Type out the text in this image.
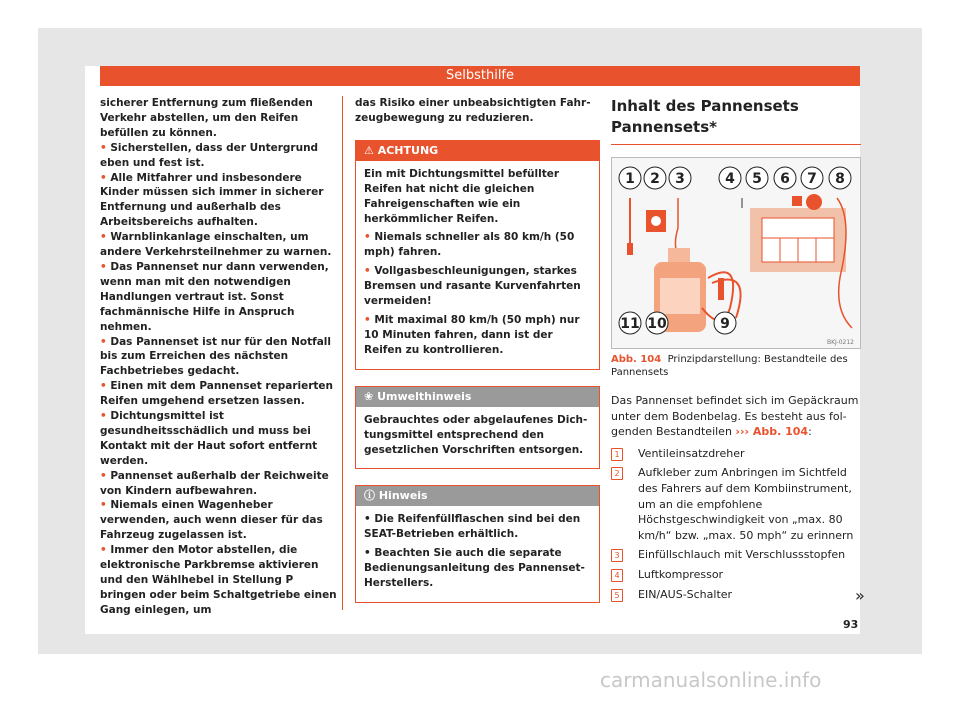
Selbsthilfe

sicherer Entfernung zum fließenden Verkehr abstellen, um den Reifen befüllen zu können.

• Sicherstellen, dass der Untergrund eben und fest ist.

• Alle Mitfahrer und insbesondere Kinder müssen sich immer in sicherer Entfernung und außerhalb des Arbeitsbereichs aufhalten.

• Warnblinkanlage einschalten, um andere Verkehrsteilnehmer zu warnen.

• Das Pannenset nur dann verwenden, wenn man mit den notwendigen Handlungen vertraut ist. Sonst fachmännische Hilfe in Anspruch nehmen.

• Das Pannenset ist nur für den Notfall bis zum Erreichen des nächsten Fachbetriebes gedacht.

• Einen mit dem Pannenset reparierten Reifen umgehend ersetzen lassen.

• Dichtungsmittel ist gesundheitsschädlich und muss bei Kontakt mit der Haut sofort entfernt werden.

• Pannenset außerhalb der Reichweite von Kindern aufbewahren.

• Niemals einen Wagenheber verwenden, auch wenn dieser für das Fahrzeug zugelassen ist.

• Immer den Motor abstellen, die elektronische Parkbremse aktivieren und den Wählhebel in Stellung P bringen oder beim Schaltgetriebe einen Gang einlegen, um

das Risiko einer unbeabsichtigten Fahrzeugbewegung zu reduzieren.

⚠ ACHTUNG

Ein mit Dichtungsmittel befüllter Reifen hat nicht die gleichen Fahreigenschaften wie ein herkömmlicher Reifen.

• Niemals schneller als 80 km/h (50 mph) fahren.

• Vollgasbeschleunigungen, starkes Bremsen und rasante Kurvenfahrten vermeiden!

• Mit maximal 80 km/h (50 mph) nur 10 Minuten fahren, dann ist der Reifen zu kontrollieren.

❀ Umwelthinweis

Gebrauchtes oder abgelaufenes Dichtungsmittel entsprechend den gesetzlichen Vorschriften entsorgen.

ⓘ Hinweis

• Die Reifenfüllflaschen sind bei den SEAT-Betrieben erhältlich.

• Beachten Sie auch die separate Bedienungsanleitung des Pannenset-Herstellers.

Inhalt des Pannensets Pannensets*
1 2 3	4 5 6 7 8
11 10	9
BKJ-0212
Abb. 104 Prinzipdarstellung: Bestandteile des Pannensets
Das Pannenset befindet sich im Gepäckraum unter dem Bodenbelag. Es besteht aus folgenden Bestandteilen ››› Abb. 104:
1	Ventileinsatzdreher
2	Aufkleber zum Anbringen im Sichtfeld des Fahrers auf dem Kombiinstrument, um an die empfohlene Höchstgeschwindigkeit von „max. 80 km/h“ bzw. „max. 50 mph“ zu erinnern
3	Einfüllschlauch mit Verschlussstopfen
4	Luftkompressor
5	EIN/AUS-Schalter	»
93
carmanualsonline.info
